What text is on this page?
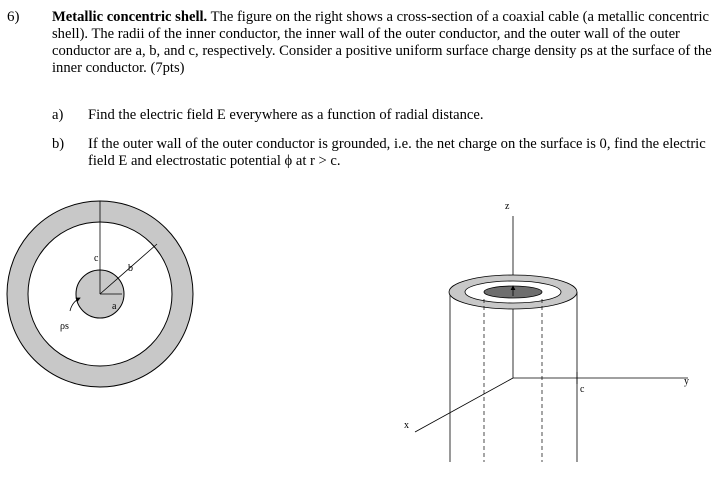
6) Metallic concentric shell. The figure on the right shows a cross-section of a coaxial cable (a metallic concentric shell). The radii of the inner conductor, the inner wall of the outer conductor, and the outer wall of the outer conductor are a, b, and c, respectively. Consider a positive uniform surface charge density ρs at the surface of the inner conductor. (7pts)
a) Find the electric field E everywhere as a function of radial distance.
b) If the outer wall of the outer conductor is grounded, i.e. the net charge on the surface is 0, find the electric field E and electrostatic potential ϕ at r > c.
c
b
a
ρs
z
x
y
c
